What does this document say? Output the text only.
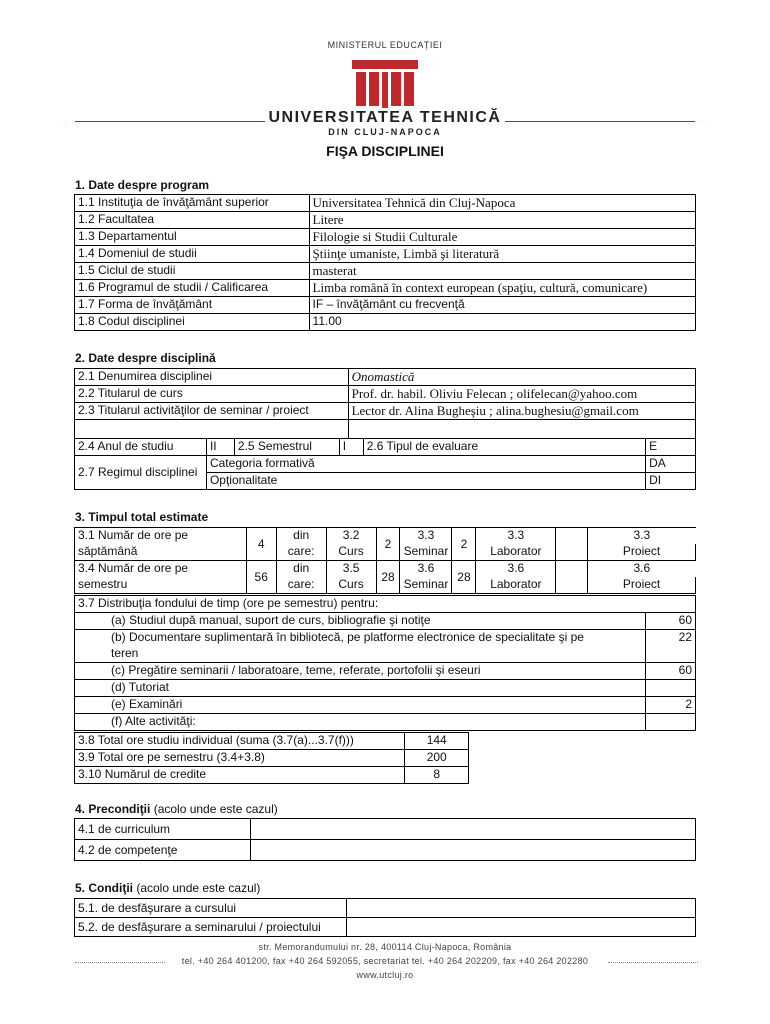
MINISTERUL EDUCAȚIEI
UNIVERSITATEA TEHNICĂ
DIN CLUJ-NAPOCA
FIŞA DISCIPLINEI
1. Date despre program
1.1 Instituţia de învăţământ superior	Universitatea Tehnică din Cluj-Napoca
1.2 Facultatea	Litere
1.3 Departamentul	Filologie si Studii Culturale
1.4 Domeniul de studii	Ştiinţe umaniste, Limbă şi literatură
1.5 Ciclul de studii	masterat
1.6 Programul de studii / Calificarea	Limba română în context european (spaţiu, cultură, comunicare)
1.7 Forma de învăţământ	IF – învăţământ cu frecvenţă
1.8 Codul disciplinei	11.00
2. Date despre disciplină
2.1 Denumirea disciplinei	Onomastică
2.2 Titularul de curs	Prof. dr. habil. Oliviu Felecan ; olifelecan@yahoo.com
2.3 Titularul activităţilor de seminar / proiect	Lector dr. Alina Bugheşiu ; alina.bughesiu@gmail.com

2.4 Anul de studiu	II	2.5 Semestrul	I	2.6 Tipul de evaluare	E
2.7 Regimul disciplinei	Categoria formativă				DA
	Opţionalitate				DI
3. Timpul total estimate
3.1 Număr de ore pe	4	din	3.2	2	3.3	2	3.3		3.3
săptămână		care:	Curs		Seminar		Laborator		Proiect
3.4 Număr de ore pe	56	din	3.5	28	3.6	28	3.6		3.6
semestru		care:	Curs		Seminar		Laborator		Proiect
3.7 Distribuţia fondului de timp (ore pe semestru) pentru:	
(a) Studiul după manual, suport de curs, bibliografie şi notiţe	60
(b) Documentare suplimentară în bibliotecă, pe platforme electronice de specialitate şi pe	22
teren	
(c) Pregătire seminarii / laboratoare, teme, referate, portofolii şi eseuri	60
(d) Tutoriat	
(e) Examinări	2
(f) Alte activităţi:	
3.8 Total ore studiu individual (suma (3.7(a)...3.7(f)))	144
3.9 Total ore pe semestru (3.4+3.8)	200
3.10 Numărul de credite	8
4. Precondiţii (acolo unde este cazul)
4.1 de curriculum	
4.2 de competenţe	
5. Condiţii (acolo unde este cazul)
5.1. de desfăşurare a cursului	
5.2. de desfăşurare a seminarului / proiectului	
str. Memorandumului nr. 28, 400114 Cluj-Napoca, România
tel. +40 264 401200, fax +40 264 592055, secretariat tel. +40 264 202209, fax +40 264 202280
www.utcluj.ro
